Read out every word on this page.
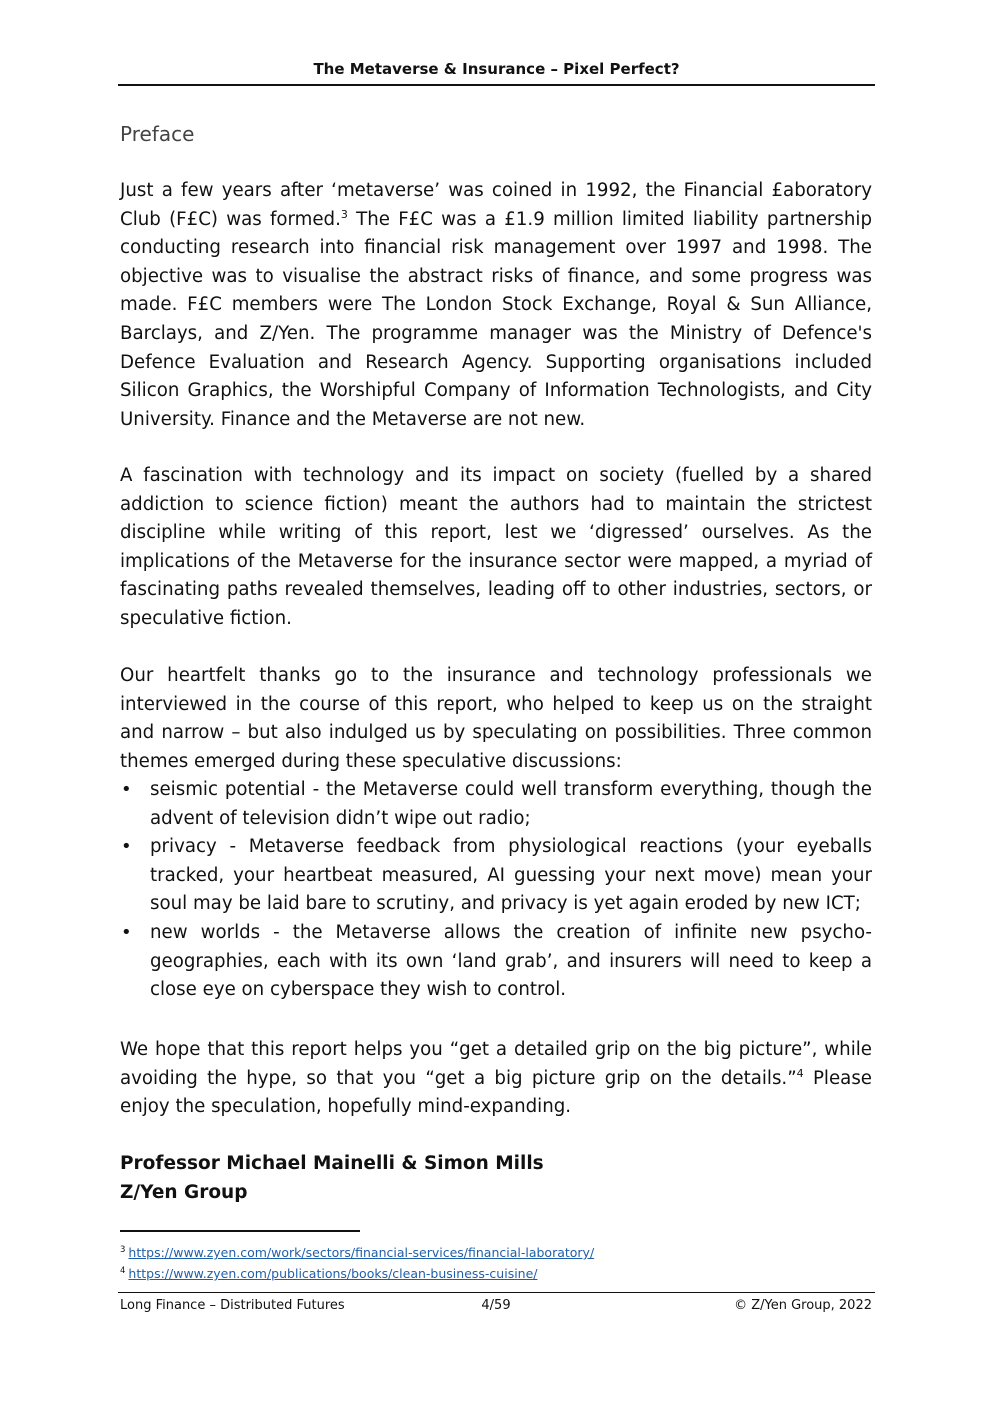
The Metaverse & Insurance – Pixel Perfect?
Preface

Just a few years after ‘metaverse’ was coined in 1992, the Financial £aboratory Club (F£C) was formed.$^3$ The F£C was a £1.9 million limited liability partnership conducting research into financial risk management over 1997 and 1998. The objective was to visualise the abstract risks of finance, and some progress was made. F£C members were The London Stock Exchange, Royal & Sun Alliance, Barclays, and Z/Yen. The programme manager was the Ministry of Defence's Defence Evaluation and Research Agency. Supporting organisations included Silicon Graphics, the Worshipful Company of Information Technologists, and City University. Finance and the Metaverse are not new.

A fascination with technology and its impact on society (fuelled by a shared addiction to science fiction) meant the authors had to maintain the strictest discipline while writing of this report, lest we ‘digressed’ ourselves. As the implications of the Metaverse for the insurance sector were mapped, a myriad of fascinating paths revealed themselves, leading off to other industries, sectors, or speculative fiction.

Our heartfelt thanks go to the insurance and technology professionals we interviewed in the course of this report, who helped to keep us on the straight and narrow – but also indulged us by speculating on possibilities. Three common themes emerged during these speculative discussions:

•	seismic potential - the Metaverse could well transform everything, though the advent of television didn’t wipe out radio;
•	privacy - Metaverse feedback from physiological reactions (your eyeballs tracked, your heartbeat measured, AI guessing your next move) mean your soul may be laid bare to scrutiny, and privacy is yet again eroded by new ICT;
•	new worlds - the Metaverse allows the creation of infinite new psycho-geographies, each with its own ‘land grab’, and insurers will need to keep a close eye on cyberspace they wish to control.

We hope that this report helps you “get a detailed grip on the big picture”, while avoiding the hype, so that you “get a big picture grip on the details.”$^4$ Please enjoy the speculation, hopefully mind-expanding.

Professor Michael Mainelli & Simon Mills
Z/Yen Group
$^3$ https://www.zyen.com/work/sectors/financial-services/financial-laboratory/
$^4$ https://www.zyen.com/publications/books/clean-business-cuisine/
Long Finance – Distributed Futures	4/59	© Z/Yen Group, 2022
